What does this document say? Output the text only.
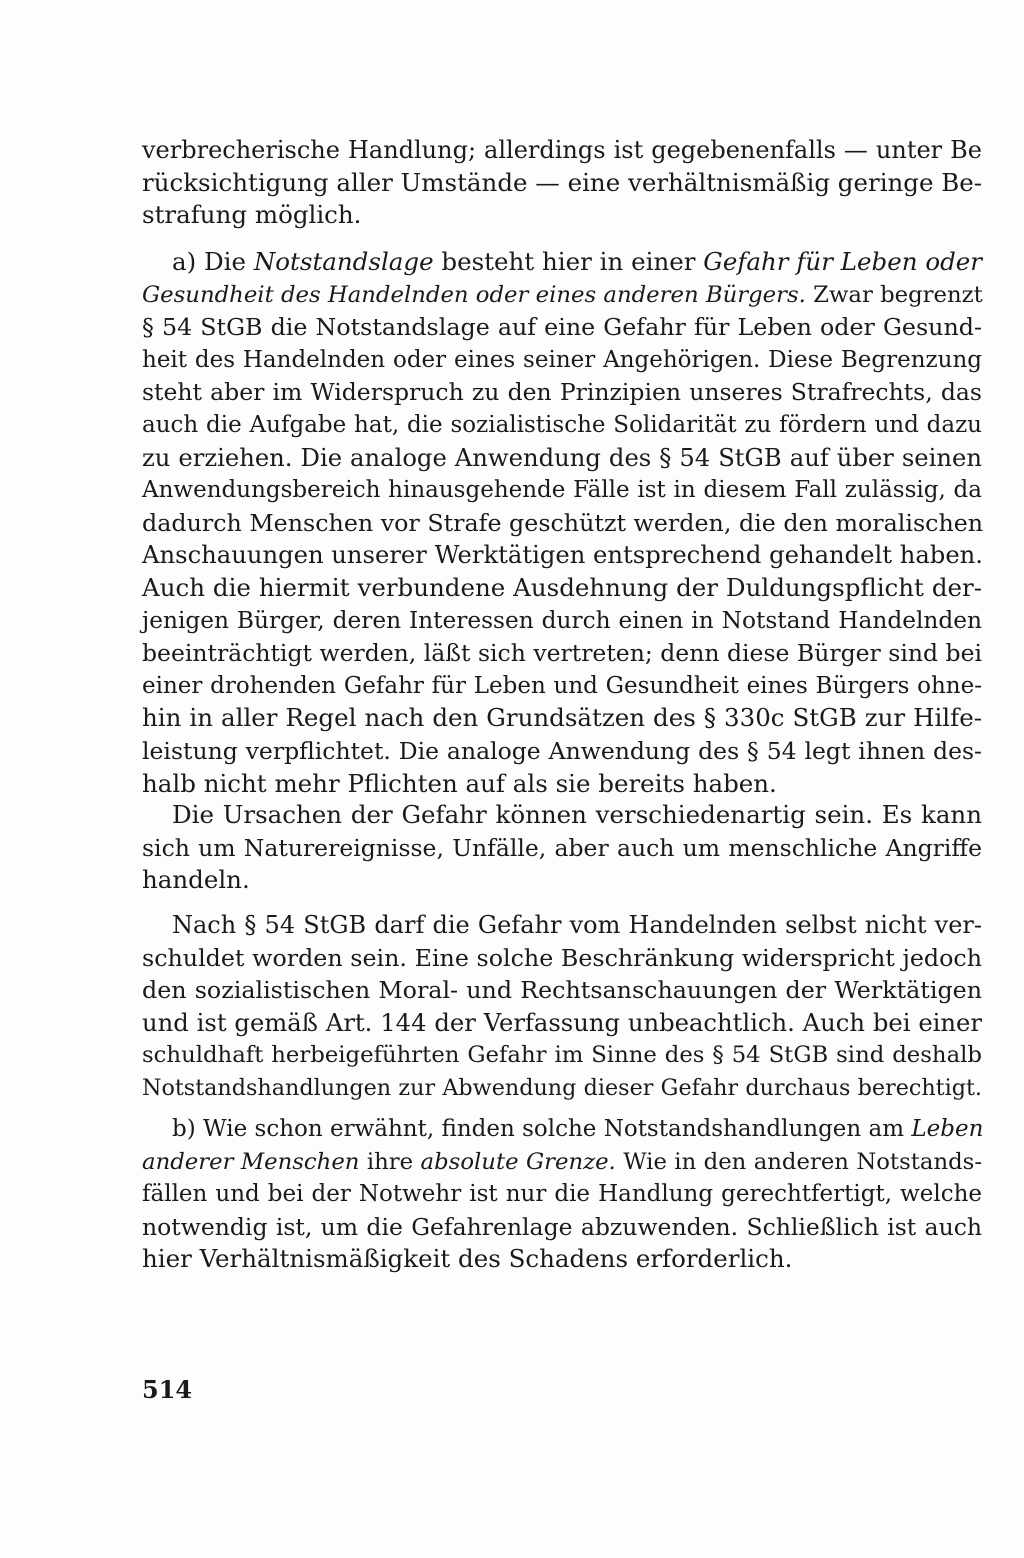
verbrecherische Handlung; allerdings ist gegebenenfalls — unter Be
rücksichtigung aller Umstände — eine verhältnismäßig geringe Be-
strafung möglich.
a) Die Notstandslage besteht hier in einer Gefahr für Leben oder
Gesundheit des Handelnden oder eines anderen Bürgers. Zwar begrenzt
§ 54 StGB die Notstandslage auf eine Gefahr für Leben oder Gesund-
heit des Handelnden oder eines seiner Angehörigen. Diese Begrenzung
steht aber im Widerspruch zu den Prinzipien unseres Strafrechts, das
auch die Aufgabe hat, die sozialistische Solidarität zu fördern und dazu
zu erziehen. Die analoge Anwendung des § 54 StGB auf über seinen
Anwendungsbereich hinausgehende Fälle ist in diesem Fall zulässig, da
dadurch Menschen vor Strafe geschützt werden, die den moralischen
Anschauungen unserer Werktätigen entsprechend gehandelt haben.
Auch die hiermit verbundene Ausdehnung der Duldungspflicht der-
jenigen Bürger, deren Interessen durch einen in Notstand Handelnden
beeinträchtigt werden, läßt sich vertreten; denn diese Bürger sind bei
einer drohenden Gefahr für Leben und Gesundheit eines Bürgers ohne-
hin in aller Regel nach den Grundsätzen des § 330c StGB zur Hilfe-
leistung verpflichtet. Die analoge Anwendung des § 54 legt ihnen des-
halb nicht mehr Pflichten auf als sie bereits haben.
Die Ursachen der Gefahr können verschiedenartig sein. Es kann
sich um Naturereignisse, Unfälle, aber auch um menschliche Angriffe
handeln.
Nach § 54 StGB darf die Gefahr vom Handelnden selbst nicht ver-
schuldet worden sein. Eine solche Beschränkung widerspricht jedoch
den sozialistischen Moral- und Rechtsanschauungen der Werktätigen
und ist gemäß Art. 144 der Verfassung unbeachtlich. Auch bei einer
schuldhaft herbeigeführten Gefahr im Sinne des § 54 StGB sind deshalb
Notstandshandlungen zur Abwendung dieser Gefahr durchaus berechtigt.
b) Wie schon erwähnt, finden solche Notstandshandlungen am Leben
anderer Menschen ihre absolute Grenze. Wie in den anderen Notstands-
fällen und bei der Notwehr ist nur die Handlung gerechtfertigt, welche
notwendig ist, um die Gefahrenlage abzuwenden. Schließlich ist auch
hier Verhältnismäßigkeit des Schadens erforderlich.
514
